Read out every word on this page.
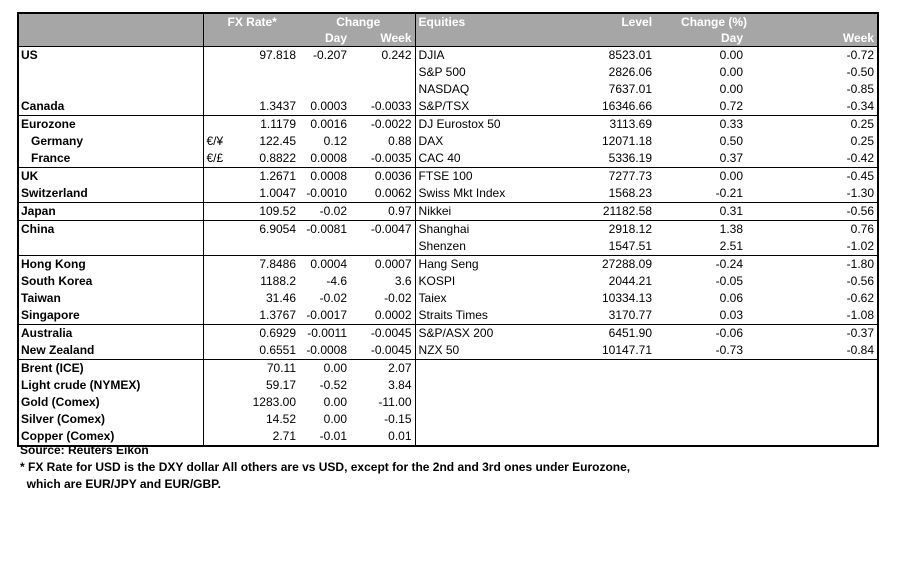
	FX Rate*		Change		Equities	Level	Change (%)	
			Day	Week			Day	Week
US		97.818	-0.207	0.242	DJIA	8523.01	0.00	-0.72
					S&P 500	2826.06	0.00	-0.50
					NASDAQ	7637.01	0.00	-0.85
Canada		1.3437	0.0003	-0.0033	S&P/TSX	16346.66	0.72	-0.34
Eurozone		1.1179	0.0016	-0.0022	DJ Eurostox 50	3113.69	0.33	0.25
Germany	€/¥	122.45	0.12	0.88	DAX	12071.18	0.50	0.25
France	€/£	0.8822	0.0008	-0.0035	CAC 40	5336.19	0.37	-0.42
UK		1.2671	0.0008	0.0036	FTSE 100	7277.73	0.00	-0.45
Switzerland		1.0047	-0.0010	0.0062	Swiss Mkt Index	1568.23	-0.21	-1.30
Japan		109.52	-0.02	0.97	Nikkei	21182.58	0.31	-0.56
China		6.9054	-0.0081	-0.0047	Shanghai	2918.12	1.38	0.76
					Shenzen	1547.51	2.51	-1.02
Hong Kong		7.8486	0.0004	0.0007	Hang Seng	27288.09	-0.24	-1.80
South Korea		1188.2	-4.6	3.6	KOSPI	2044.21	-0.05	-0.56
Taiwan		31.46	-0.02	-0.02	Taiex	10334.13	0.06	-0.62
Singapore		1.3767	-0.0017	0.0002	Straits Times	3170.77	0.03	-1.08
Australia		0.6929	-0.0011	-0.0045	S&P/ASX 200	6451.90	-0.06	-0.37
New Zealand		0.6551	-0.0008	-0.0045	NZX 50	10147.71	-0.73	-0.84
Brent (ICE)		70.11	0.00	2.07				
Light crude (NYMEX)		59.17	-0.52	3.84				
Gold (Comex)		1283.00	0.00	-11.00				
Silver (Comex)		14.52	0.00	-0.15				
Copper (Comex)		2.71	-0.01	0.01				
Source: Reuters Eikon
* FX Rate for USD is the DXY dollar All others are vs USD, except for the 2nd and 3rd ones under Eurozone,
which are EUR/JPY and EUR/GBP.
